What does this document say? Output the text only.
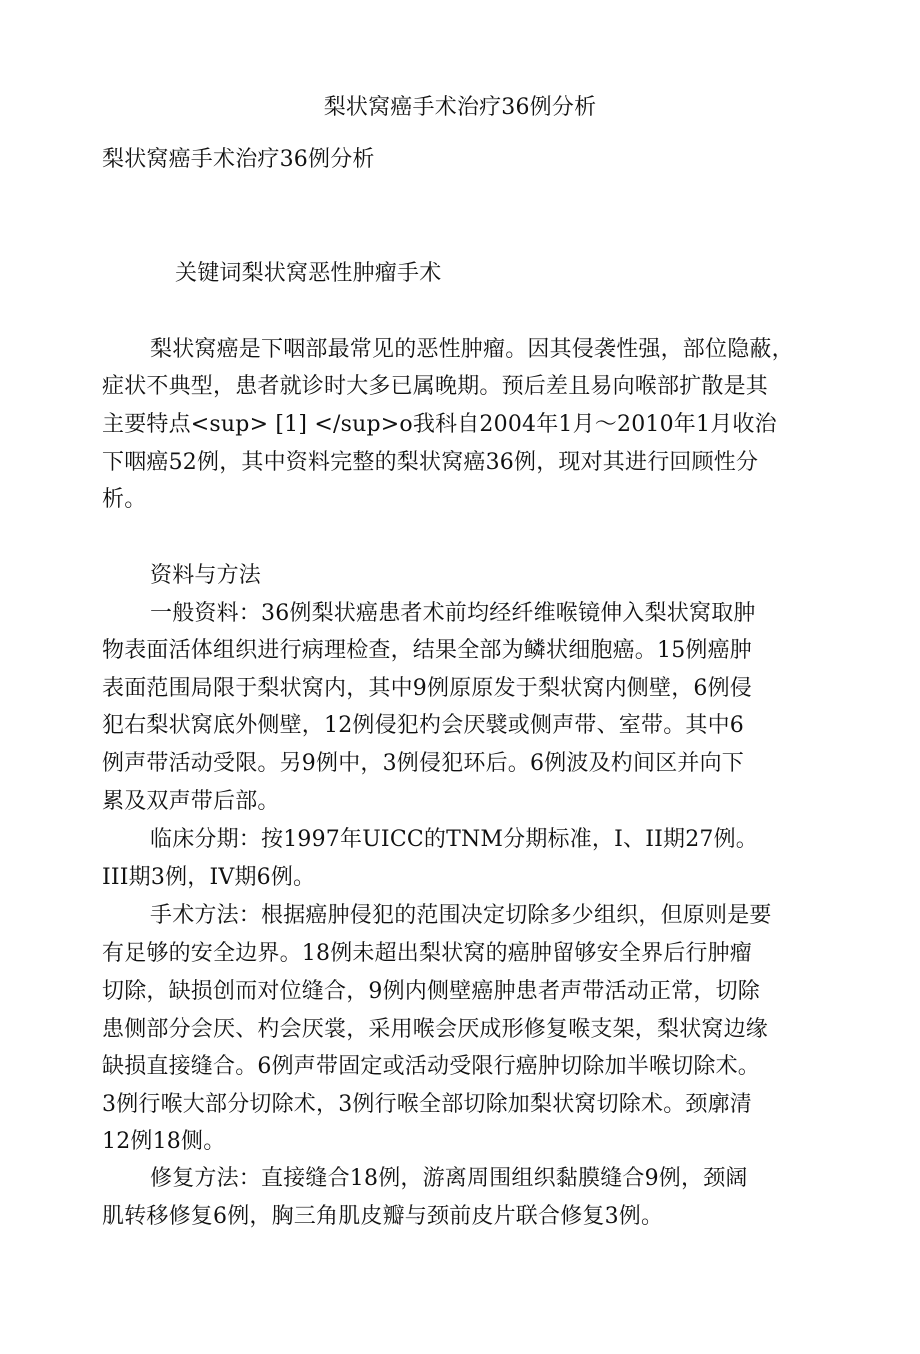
梨状窝癌手术治疗36例分析
梨状窝癌手术治疗36例分析
关键词梨状窝恶性肿瘤手术
梨状窝癌是下咽部最常见的恶性肿瘤。因其侵袭性强，部位隐蔽，
症状不典型，患者就诊时大多已属晚期。预后差且易向喉部扩散是其
主要特点<sup> [1] </sup>o我科自2004年1月～2010年1月收治
下咽癌52例，其中资料完整的梨状窝癌36例，现对其进行回顾性分
析。
资料与方法
一般资料：36例梨状癌患者术前均经纤维喉镜伸入梨状窝取肿
物表面活体组织进行病理检查，结果全部为鳞状细胞癌。15例癌肿
表面范围局限于梨状窝内，其中9例原原发于梨状窝内侧壁，6例侵
犯右梨状窝底外侧壁，12例侵犯杓会厌襞或侧声带、室带。其中6
例声带活动受限。另9例中，3例侵犯环后。6例波及杓间区并向下
累及双声带后部。
临床分期：按1997年UICC的TNM分期标准，I、II期27例。
III期3例，IV期6例。
手术方法：根据癌肿侵犯的范围决定切除多少组织，但原则是要
有足够的安全边界。18例未超出梨状窝的癌肿留够安全界后行肿瘤
切除，缺损创而对位缝合，9例内侧壁癌肿患者声带活动正常，切除
患侧部分会厌、杓会厌裳，采用喉会厌成形修复喉支架，梨状窝边缘
缺损直接缝合。6例声带固定或活动受限行癌肿切除加半喉切除术。
3例行喉大部分切除术，3例行喉全部切除加梨状窝切除术。颈廓清
12例18侧。
修复方法：直接缝合18例，游离周围组织黏膜缝合9例，颈阔
肌转移修复6例，胸三角肌皮瓣与颈前皮片联合修复3例。
